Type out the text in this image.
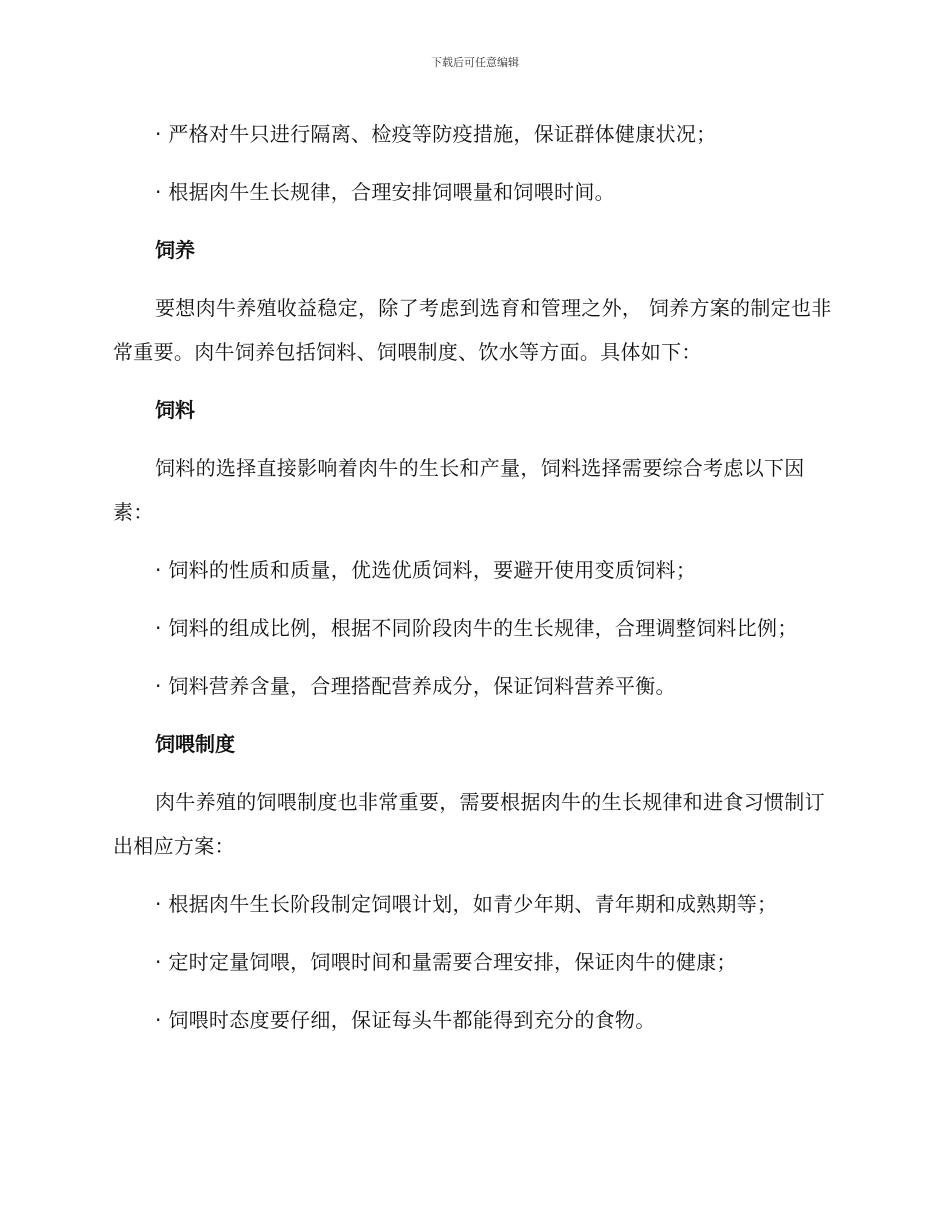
下载后可任意编辑

· 严格对牛只进行隔离、检疫等防疫措施，保证群体健康状况；

· 根据肉牛生长规律，合理安排饲喂量和饲喂时间。

饲养

要想肉牛养殖收益稳定，除了考虑到选育和管理之外， 饲养方案的制定也非常重要。肉牛饲养包括饲料、饲喂制度、饮水等方面。具体如下：

饲料

饲料的选择直接影响着肉牛的生长和产量，饲料选择需要综合考虑以下因素：

· 饲料的性质和质量，优选优质饲料，要避开使用变质饲料；

· 饲料的组成比例，根据不同阶段肉牛的生长规律，合理调整饲料比例；

· 饲料营养含量，合理搭配营养成分，保证饲料营养平衡。

饲喂制度

肉牛养殖的饲喂制度也非常重要，需要根据肉牛的生长规律和进食习惯制订出相应方案：

· 根据肉牛生长阶段制定饲喂计划，如青少年期、青年期和成熟期等；

· 定时定量饲喂，饲喂时间和量需要合理安排，保证肉牛的健康；

· 饲喂时态度要仔细，保证每头牛都能得到充分的食物。
